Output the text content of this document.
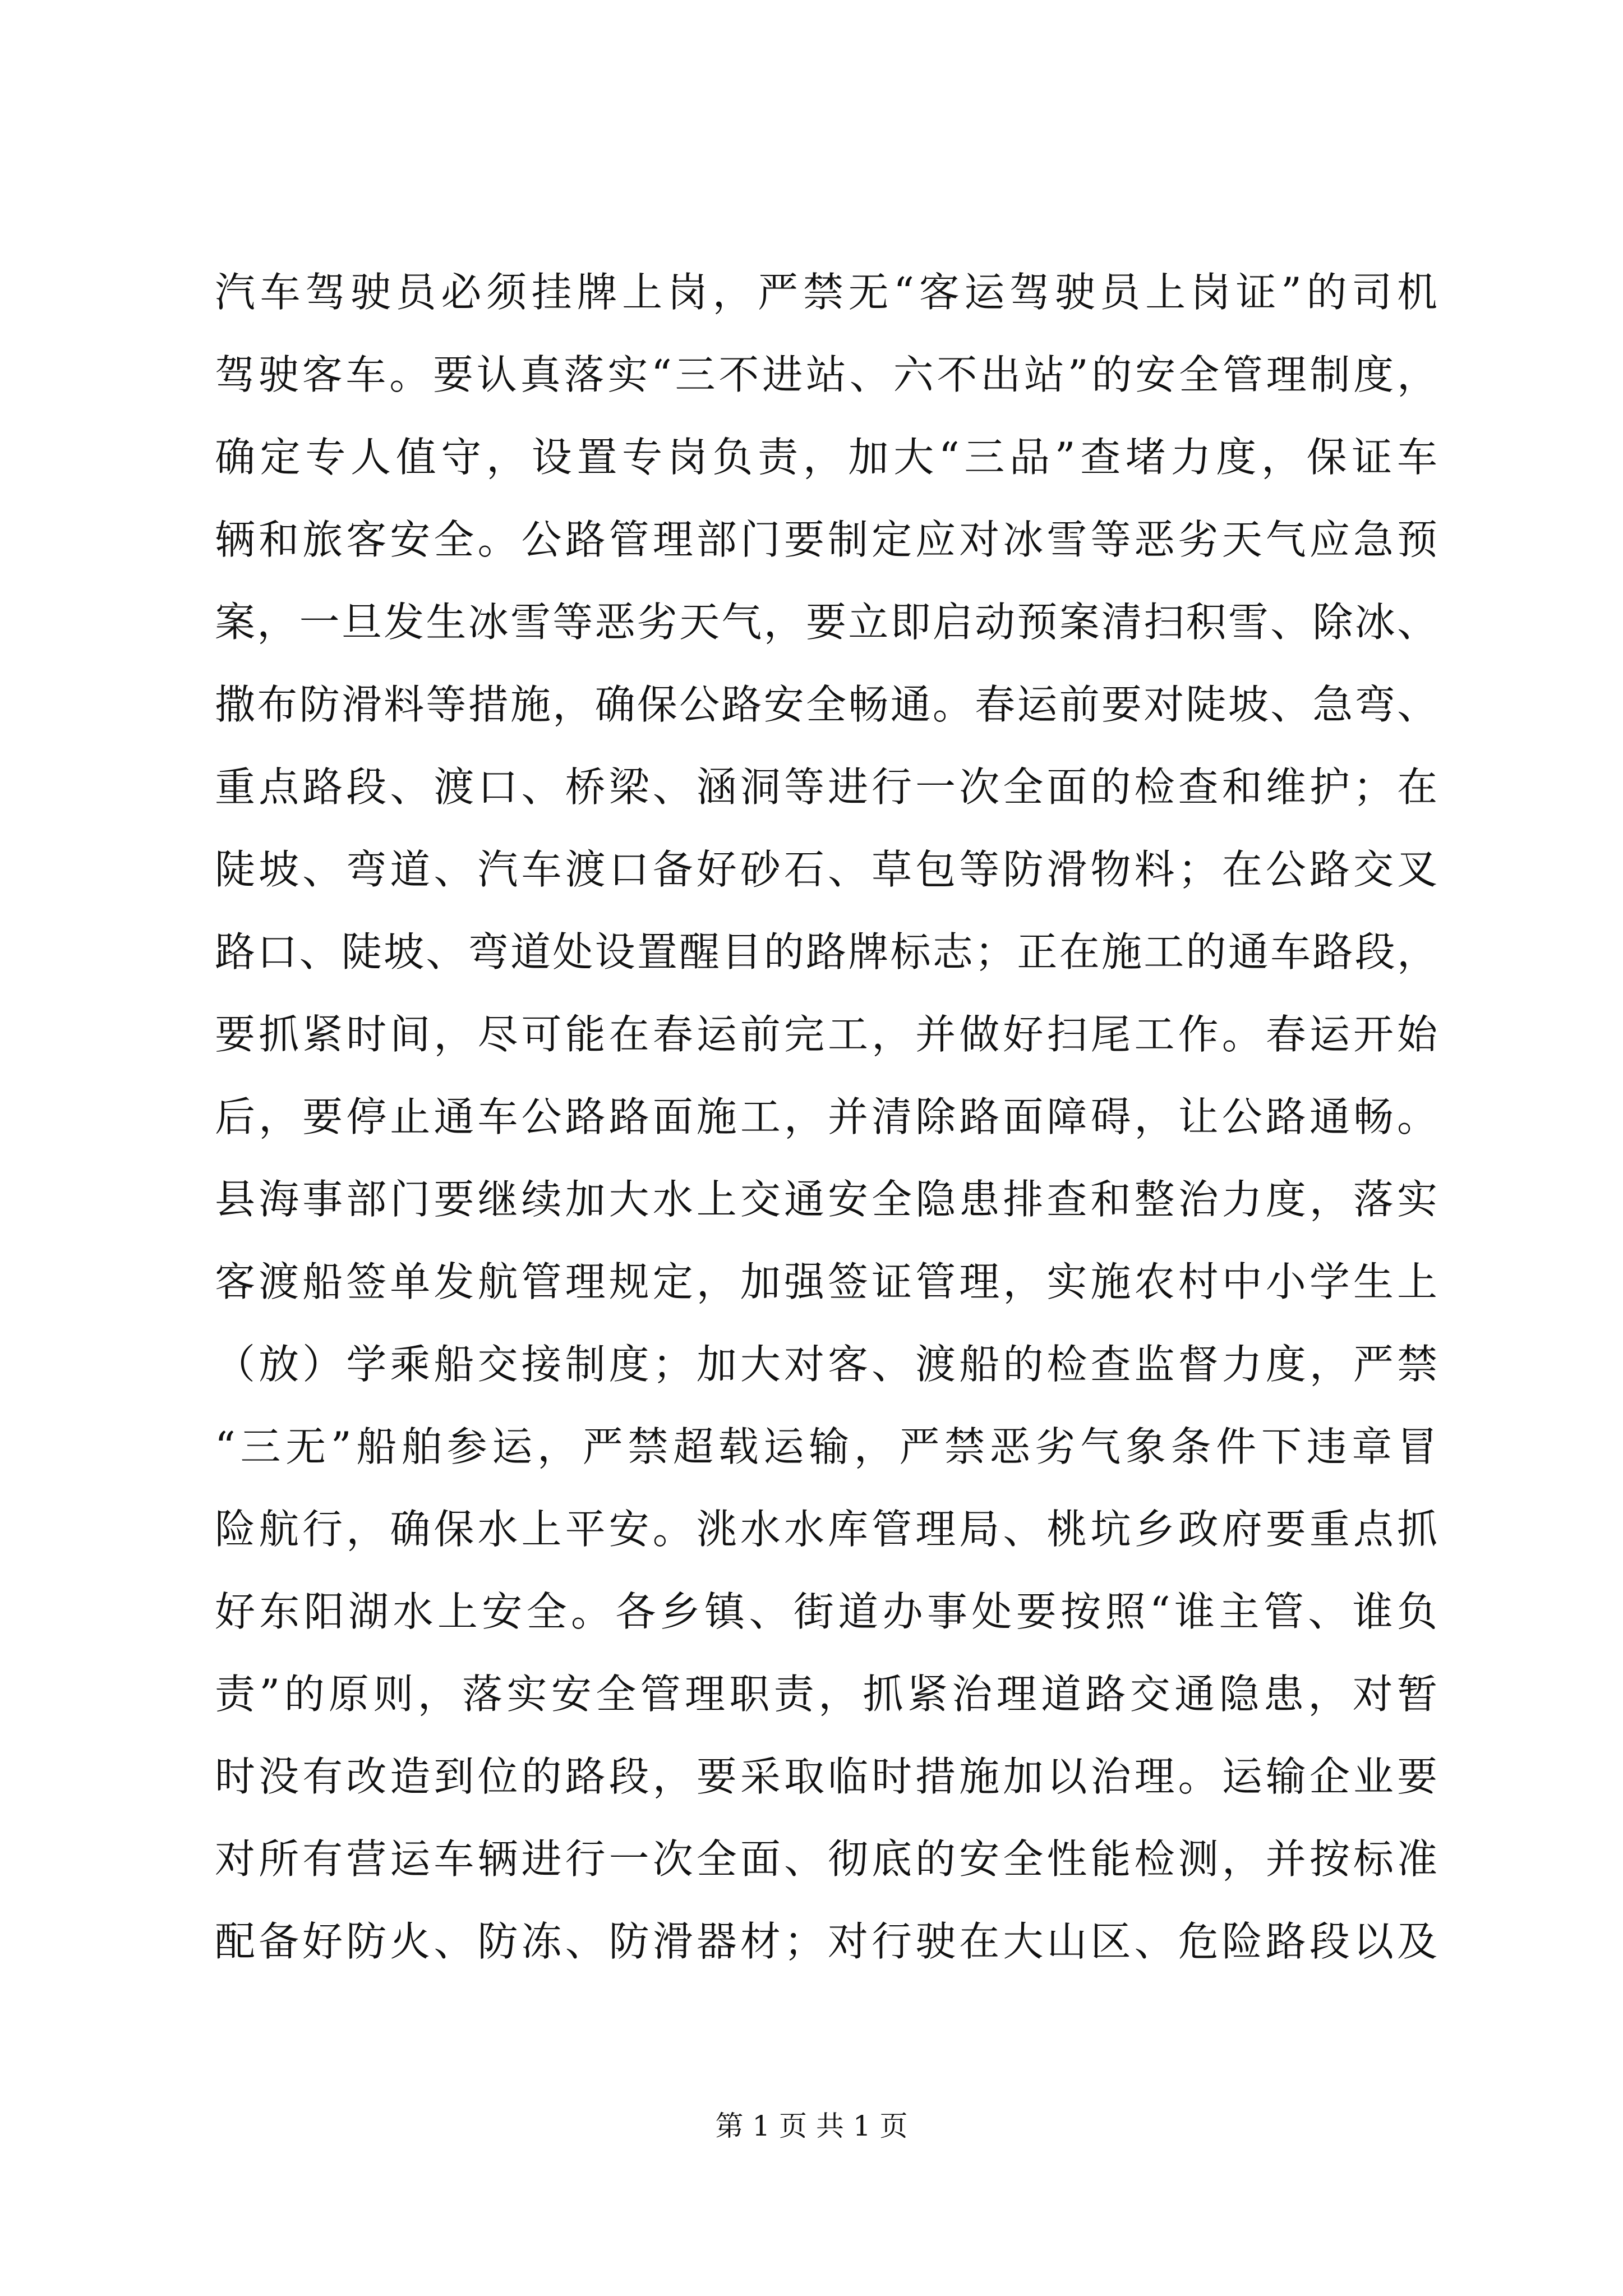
汽车驾驶员必须挂牌上岗，严禁无“客运驾驶员上岗证”的司机
驾驶客车。要认真落实“三不进站、六不出站”的安全管理制度，
确定专人值守，设置专岗负责，加大“三品”查堵力度，保证车
辆和旅客安全。公路管理部门要制定应对冰雪等恶劣天气应急预
案，一旦发生冰雪等恶劣天气，要立即启动预案清扫积雪、除冰、
撒布防滑料等措施，确保公路安全畅通。春运前要对陡坡、急弯、
重点路段、渡口、桥梁、涵洞等进行一次全面的检查和维护；在
陡坡、弯道、汽车渡口备好砂石、草包等防滑物料；在公路交叉
路口、陡坡、弯道处设置醒目的路牌标志；正在施工的通车路段，
要抓紧时间，尽可能在春运前完工，并做好扫尾工作。春运开始
后，要停止通车公路路面施工，并清除路面障碍，让公路通畅。
县海事部门要继续加大水上交通安全隐患排查和整治力度，落实
客渡船签单发航管理规定，加强签证管理，实施农村中小学生上
（放）学乘船交接制度；加大对客、渡船的检查监督力度，严禁
“三无”船舶参运，严禁超载运输，严禁恶劣气象条件下违章冒
险航行，确保水上平安。洮水水库管理局、桃坑乡政府要重点抓
好东阳湖水上安全。各乡镇、街道办事处要按照“谁主管、谁负
责”的原则，落实安全管理职责，抓紧治理道路交通隐患，对暂
时没有改造到位的路段，要采取临时措施加以治理。运输企业要
对所有营运车辆进行一次全面、彻底的安全性能检测，并按标准
配备好防火、防冻、防滑器材；对行驶在大山区、危险路段以及
第 1 页 共 1 页
